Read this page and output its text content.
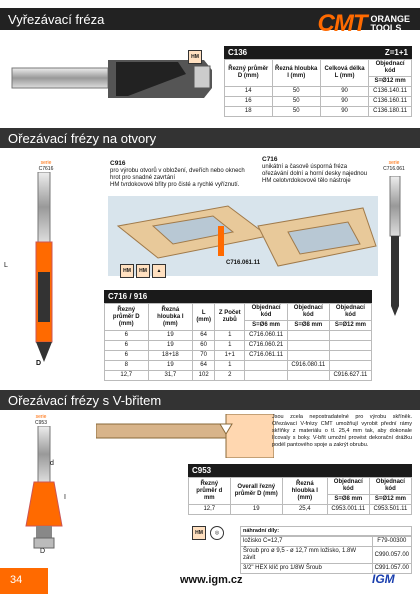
Vyřezávací fréza	CMT ORANGE
TOOLS
HM	C136	Z=1+1
Řezný průměr D (mm)	Řezná hloubka I (mm)	Celková délka L (mm)	Objednací kód
			S=Ø12 mm
14	50	90	C136.140.11
16	50	90	C136.160.11
18	50	90	C136.180.11
Ořezávací frézy na otvory
serie
C7616
L
D
C916
pro výrobu otvorů v obložení, dveřích nebo oknech
hrot pro snadné zavrtání
HM tvrdokovové břity pro čisté a rychlé vyříznutí.
C716
unikátní a časově úsporná fréza
ořezávání dolní a horní desky najednou
HM celotvrdokovové tělo nástroje
serie
C716.061
C716.061.11
HM	HM	▲
C716 / 916
Řezný průměr D (mm)	Řezná hloubka I (mm)	L (mm)	Z Počet zubů	Objednací kód	Objednací kód	Objednací kód
				S=Ø6 mm	S=Ø8 mm	S=Ø12 mm
6	19	64	1	C716.060.11		
6	19	60	1	C716.060.21		
6	18+18	70	1+1	C716.061.11		
8	19	64	1		C916.080.11	
12,7	31,7	102	2			C916.627.11
Ořezávací frézy s V-břitem
serie
C953
d
I
D
Jsou zcela nepostradatelné pro výrobu skříněk. Ořezávací V-frézy CMT umožňují vyrobit přední rámy skříňky z materiálu o tl. 25,4 mm tak, aby dokonale lícovaly s boky. V-břit umožní provést dekorační drážku podél pantového spoje a zakrýt obrubu.
C953
Řezný průměr d mm	Overall řezný průměr D (mm)	Řezná hloubka I (mm)	Objednací kód	Objednací kód
			S=Ø8 mm	S=Ø12 mm
12,7	19	25,4	C953.001.11	C953.501.11
HM	◎	náhradní díly:
ložisko C=12,7	F79-00300
Šroub pro ø 9,5 - ø 12,7 mm ložisko, 1.8W závit	C990.057.00
3/2" HEX klíč pro 1/8W Šroub	C991.057.00
34	www.igm.cz	IGM
